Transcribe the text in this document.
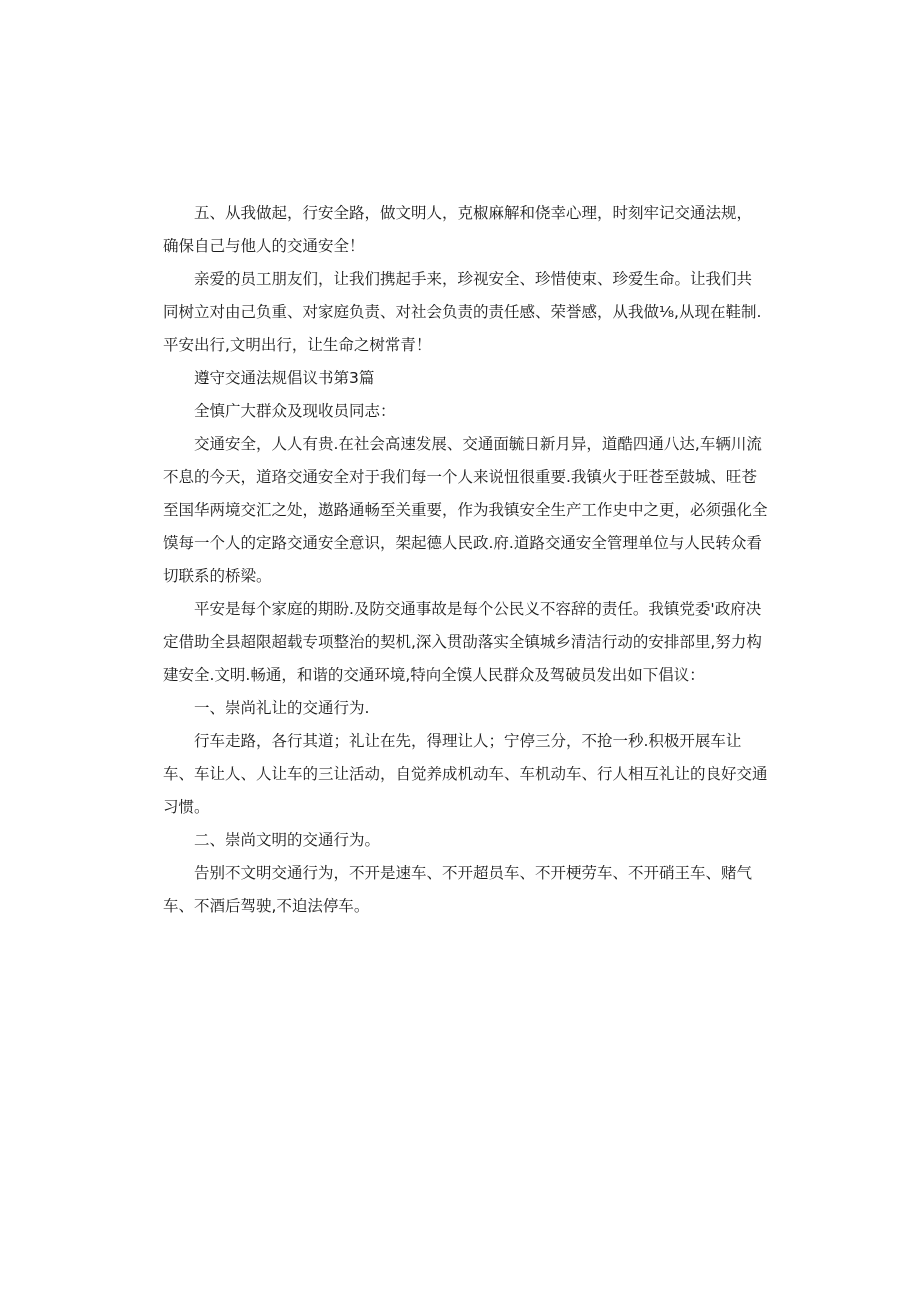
五、从我做起，行安全路，做文明人，克椒麻解和侥幸心理，时刻牢记交通法规，
确保自己与他人的交通安全！
亲爱的员工朋友们，让我们携起手来，珍视安全、珍惜使束、珍爱生命。让我们共
同树立对由己负重、对家庭负责、对社会负责的责任感、荣誉感，从我做⅛,从现在鞋制.
平安出行,文明出行，让生命之树常青！
遵守交通法规倡议书第3篇
全慎广大群众及现收员同志：
交通安全，人人有贵.在社会高速发展、交通面毓日新月异，道酷四通八达,车辆川流
不息的今天，道珞交通安全对于我们每一个人来说忸很重要.我镇火于旺苍至鼓城、旺苍
至国华两境交汇之处，遨路通畅至关重要，作为我镇安全生产工作史中之更，必须强化全
馍每一个人的定路交通安全意识，架起德人民政.府.道路交通安全管理单位与人民转众看
切联系的桥梁。
平安是每个家庭的期盼.及防交通事故是每个公民义不容辞的责任。我镇党委'政府决
定借助全县超限超载专项整治的契机,深入贯劭落实全镇城乡清洁行动的安排部里,努力构
建安全.文明.畅通，和谐的交通环境,特向全馍人民群众及驾破员发出如下倡议：
一、崇尚礼让的交通行为.
行车走路，各行其道；礼让在先，得理让人；宁停三分，不抢一秒.积极开展车让
车、车让人、人让车的三让活动，自觉养成机动车、车机动车、行人相互礼让的良好交通
习惯。
二、崇尚文明的交通行为。
告别不文明交通行为，不开是速车、不开超员车、不开梗劳车、不开硝王车、赌气
车、不酒后驾驶,不迫法停车。
